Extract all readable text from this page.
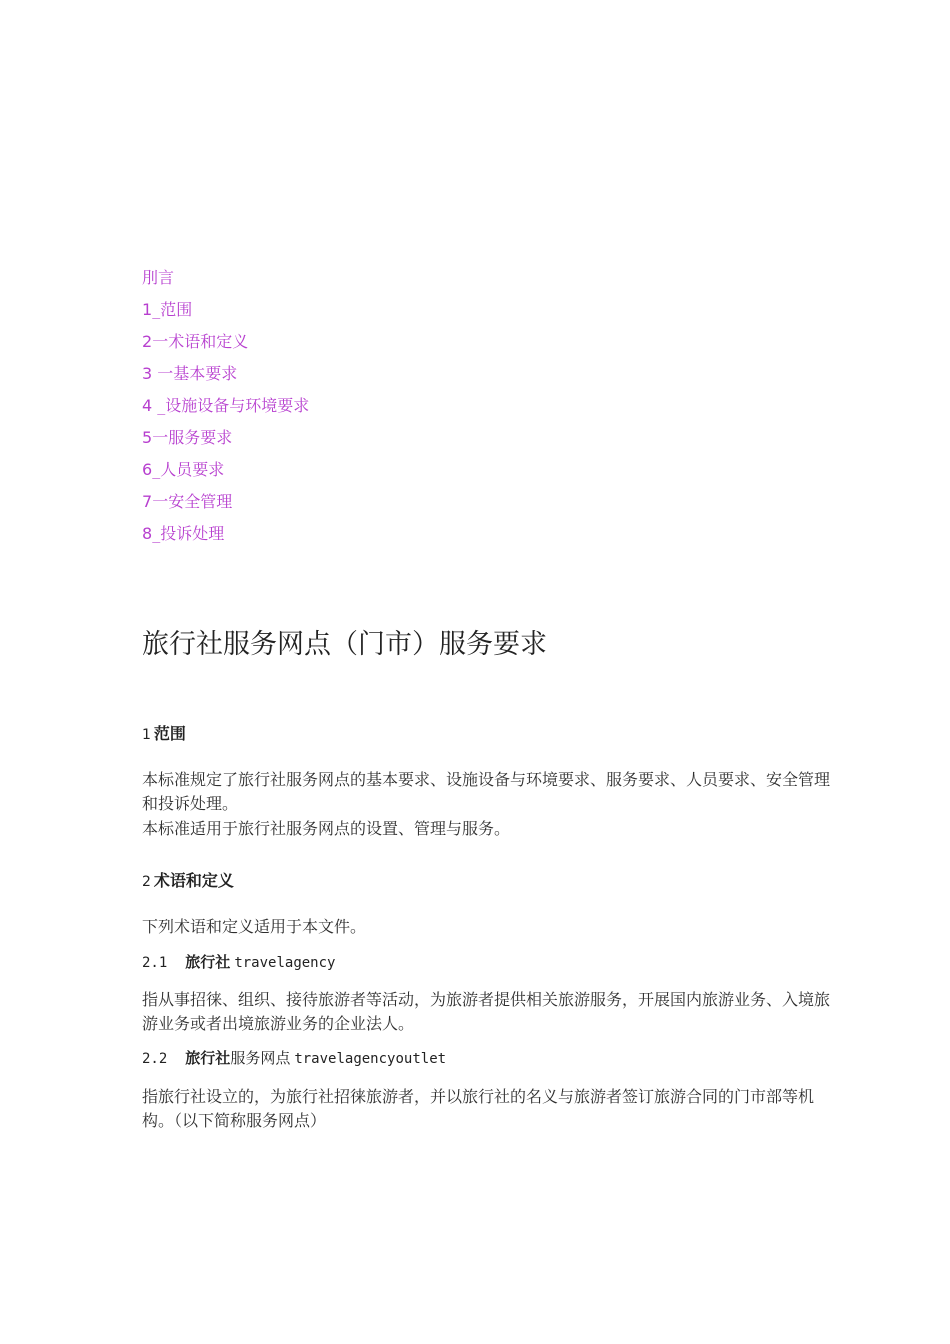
刖言
1_范围
2一术语和定义
3 一基本要求
4 _设施设备与环境要求
5一服务要求
6_人员要求
7一安全管理
8_投诉处理
旅行社服务网点（门市）服务要求
1 范围

本标准规定了旅行社服务网点的基本要求、设施设备与环境要求、服务要求、人员要求、安全管理和投诉处理。

本标准适用于旅行社服务网点的设置、管理与服务。

2 术语和定义

下列术语和定义适用于本文件。

2.1 旅行社 travelagency

指从事招徕、组织、接待旅游者等活动，为旅游者提供相关旅游服务，开展国内旅游业务、入境旅游业务或者出境旅游业务的企业法人。

2.2 旅行社服务网点 travelagencyoutlet

指旅行社设立的，为旅行社招徕旅游者，并以旅行社的名义与旅游者签订旅游合同的门市部等机构。（以下简称服务网点）
